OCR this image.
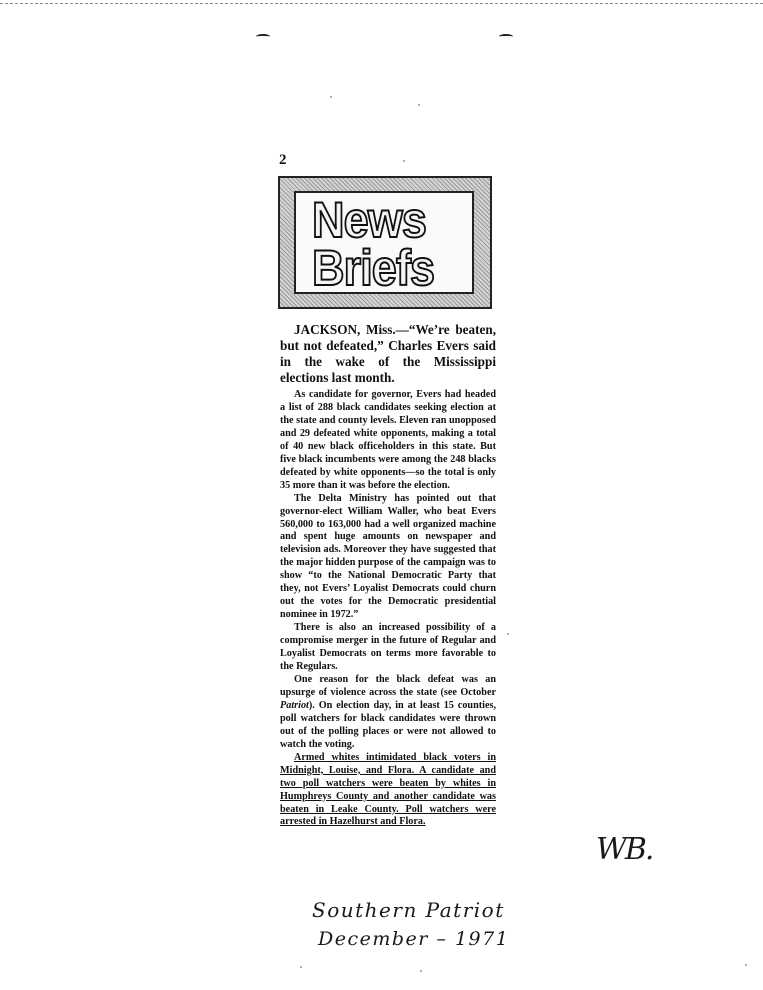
2
News
Briefs

JACKSON, Miss.—“We’re beaten, but not defeated,” Charles Evers said in the wake of the Mississippi elections last month.

As candidate for governor, Evers had headed a list of 288 black candidates seeking election at the state and county levels. Eleven ran unopposed and 29 defeated white opponents, making a total of 40 new black officeholders in this state. But five black incumbents were among the 248 blacks defeated by white opponents—so the total is only 35 more than it was before the election.

The Delta Ministry has pointed out that governor-elect William Waller, who beat Evers 560,000 to 163,000 had a well organized machine and spent huge amounts on newspaper and television ads. Moreover they have suggested that the major hidden purpose of the campaign was to show “to the National Democratic Party that they, not Evers’ Loyalist Democrats could churn out the votes for the Democratic presidential nominee in 1972.”

There is also an increased possibility of a compromise merger in the future of Regular and Loyalist Democrats on terms more favorable to the Regulars.

One reason for the black defeat was an upsurge of violence across the state (see October Patriot). On election day, in at least 15 counties, poll watchers for black candidates were thrown out of the polling places or were not allowed to watch the voting.

Armed whites intimidated black voters in Midnight, Louise, and Flora. A candidate and two poll watchers were beaten by whites in Humphreys County and another candidate was beaten in Leake County. Poll watchers were arrested in Hazelhurst and Flora.

WB.
Southern Patriot
December – 1971
